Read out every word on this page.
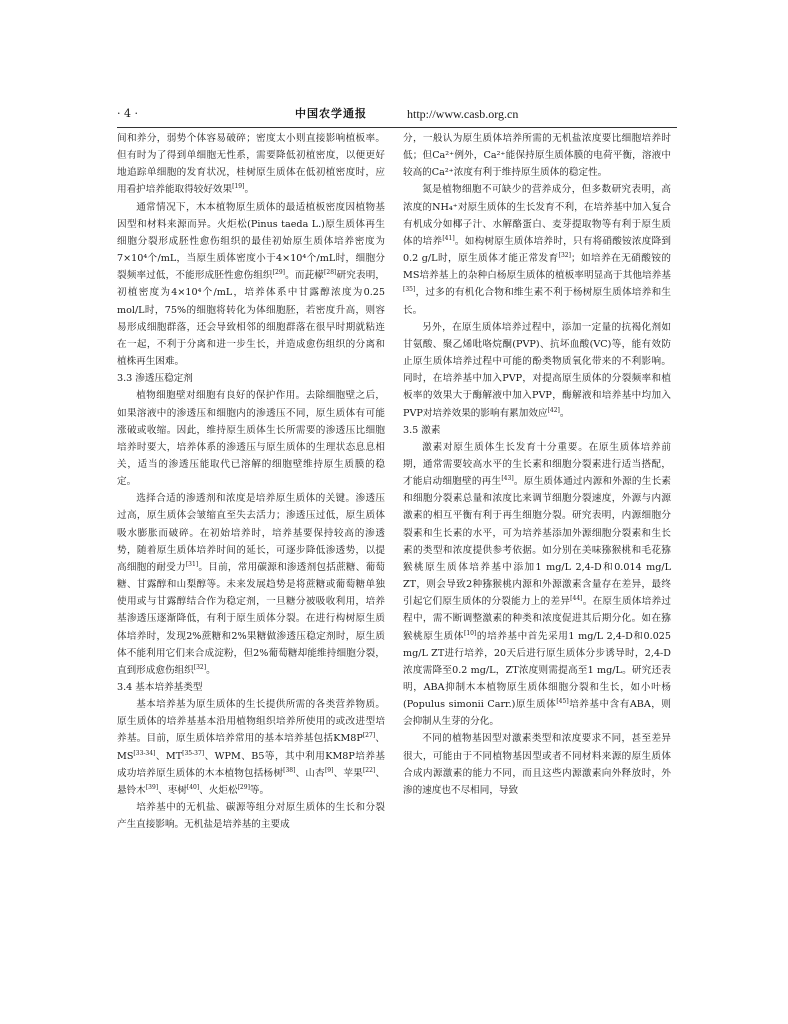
· 4 ·	中国农学通报	http://www.casb.org.cn

间和养分，弱势个体容易破碎；密度太小则直接影响植板率。但有时为了得到单细胞无性系，需要降低初植密度，以便更好地追踪单细胞的发育状况，桂树原生质体在低初植密度时，应用看护培养能取得较好效果[19]。

通常情况下，木本植物原生质体的最适植板密度因植物基因型和材料来源而异。火炬松(Pinus taeda L.)原生质体再生细胞分裂形成胚性愈伤组织的最佳初始原生质体培养密度为7×10⁴个/mL，当原生质体密度小于4×10⁴个/mL时，细胞分裂频率过低，不能形成胚性愈伤组织[29]。而茈檬[28]研究表明，初植密度为4×10⁴个/mL，培养体系中甘露醇浓度为0.25 mol/L时，75%的细胞将转化为体细胞胚，若密度升高，则容易形成细胞群落，还会导致相邻的细胞群落在很早时期就粘连在一起，不利于分离和进一步生长，并造成愈伤组织的分离和植株再生困难。

3.3 渗透压稳定剂

植物细胞壁对细胞有良好的保护作用。去除细胞壁之后，如果溶液中的渗透压和细胞内的渗透压不同，原生质体有可能涨破或收缩。因此，维持原生质体生长所需要的渗透压比细胞培养时要大，培养体系的渗透压与原生质体的生理状态息息相关，适当的渗透压能取代已溶解的细胞壁维持原生质膜的稳定。

选择合适的渗透剂和浓度是培养原生质体的关键。渗透压过高，原生质体会皱缩直至失去活力；渗透压过低，原生质体吸水膨胀而破碎。在初始培养时，培养基要保持较高的渗透势，随着原生质体培养时间的延长，可逐步降低渗透势，以提高细胞的耐受力[31]。目前，常用碳源和渗透剂包括蔗糖、葡萄糖、甘露醇和山梨醇等。未来发展趋势是将蔗糖或葡萄糖单独使用或与甘露醇结合作为稳定剂，一旦糖分被吸收利用，培养基渗透压逐渐降低，有利于原生质体分裂。在进行构树原生质体培养时，发现2%蔗糖和2%果糖做渗透压稳定剂时，原生质体不能利用它们来合成淀粉，但2%葡萄糖却能维持细胞分裂，直到形成愈伤组织[32]。

3.4 基本培养基类型

基本培养基为原生质体的生长提供所需的各类营养物质。原生质体的培养基基本沿用植物组织培养所使用的或改进型培养基。目前，原生质体培养常用的基本培养基包括KM8P[27]、MS[33-34]、MT[35-37]、WPM、B5等，其中利用KM8P培养基成功培养原生质体的木本植物包括杨树[38]、山杏[9]、苹果[22]、悬铃木[39]、枣树[40]、火炬松[29]等。

培养基中的无机盐、碳源等组分对原生质体的生长和分裂产生直接影响。无机盐是培养基的主要成

分，一般认为原生质体培养所需的无机盐浓度要比细胞培养时低；但Ca²⁺例外，Ca²⁺能保持原生质体膜的电荷平衡，溶液中较高的Ca²⁺浓度有利于维持原生质体的稳定性。

氮是植物细胞不可缺少的营养成分，但多数研究表明，高浓度的NH₄⁺对原生质体的生长发育不利，在培养基中加入复合有机成分如椰子汁、水解酪蛋白、麦芽提取物等有利于原生质体的培养[41]。如构树原生质体培养时，只有将硝酸铵浓度降到0.2 g/L时，原生质体才能正常发育[32]；如培养在无硝酸铵的MS培养基上的杂种白杨原生质体的植板率明显高于其他培养基[35]，过多的有机化合物和维生素不利于杨树原生质体培养和生长。

另外，在原生质体培养过程中，添加一定量的抗褐化剂如甘氨酸、聚乙烯吡咯烷酮(PVP)、抗坏血酸(VC)等，能有效防止原生质体培养过程中可能的酚类物质氧化带来的不利影响。同时，在培养基中加入PVP，对提高原生质体的分裂频率和植板率的效果大于酶解液中加入PVP，酶解液和培养基中均加入PVP对培养效果的影响有累加效应[42]。

3.5 激素

激素对原生质体生长发育十分重要。在原生质体培养前期，通常需要较高水平的生长素和细胞分裂素进行适当搭配，才能启动细胞壁的再生[43]。原生质体通过内源和外源的生长素和细胞分裂素总量和浓度比来调节细胞分裂速度，外源与内源激素的相互平衡有利于再生细胞分裂。研究表明，内源细胞分裂素和生长素的水平，可为培养基添加外源细胞分裂素和生长素的类型和浓度提供参考依据。如分别在美味猕猴桃和毛花猕猴桃原生质体培养基中添加1 mg/L 2,4-D和0.014 mg/L ZT，则会导致2种猕猴桃内源和外源激素含量存在差异，最终引起它们原生质体的分裂能力上的差异[44]。在原生质体培养过程中，需不断调整激素的种类和浓度促进其后期分化。如在猕猴桃原生质体[10]的培养基中首先采用1 mg/L 2,4-D和0.025 mg/L ZT进行培养，20天后进行原生质体分步诱导时，2,4-D浓度需降至0.2 mg/L，ZT浓度则需提高至1 mg/L。研究还表明，ABA抑制木本植物原生质体细胞分裂和生长，如小叶杨(Populus simonii Carr.)原生质体[45]培养基中含有ABA，则会抑制从生芽的分化。

不同的植物基因型对激素类型和浓度要求不同，甚至差异很大，可能由于不同植物基因型或者不同材料来源的原生质体合成内源激素的能力不同，而且这些内源激素向外释放时，外渗的速度也不尽相同，导致
